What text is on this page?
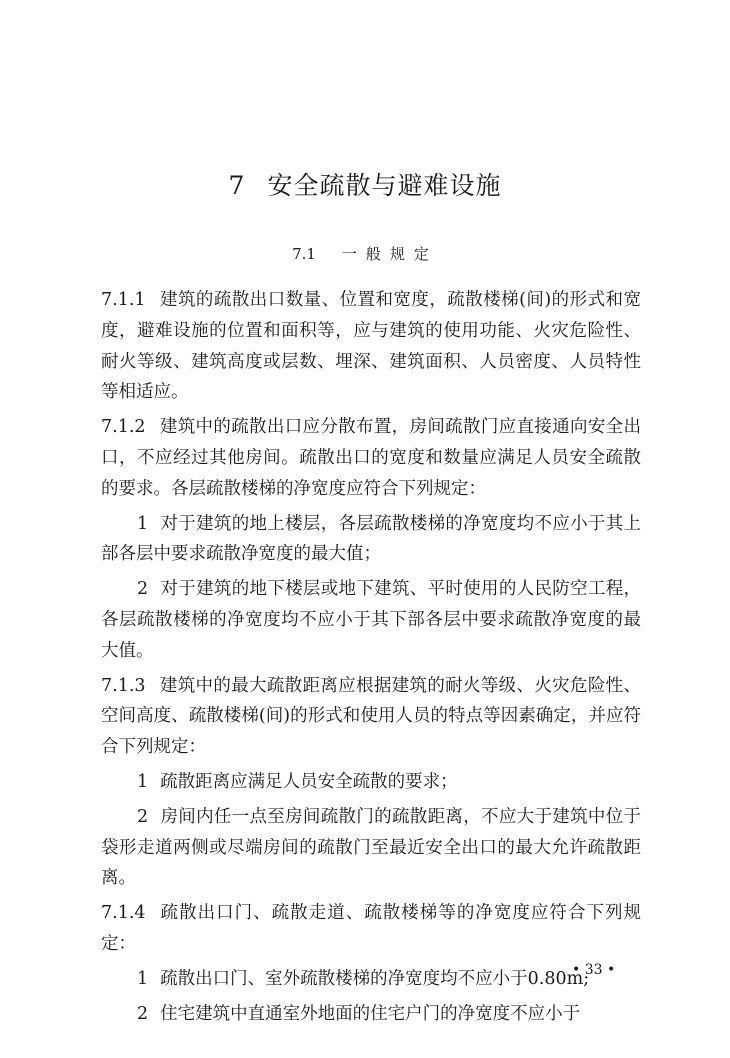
7 安全疏散与避难设施
7.1 一般规定

7.1.1 建筑的疏散出口数量、位置和宽度，疏散楼梯(间)的形式和宽度，避难设施的位置和面积等，应与建筑的使用功能、火灾危险性、耐火等级、建筑高度或层数、埋深、建筑面积、人员密度、人员特性等相适应。

7.1.2 建筑中的疏散出口应分散布置，房间疏散门应直接通向安全出口，不应经过其他房间。疏散出口的宽度和数量应满足人员安全疏散的要求。各层疏散楼梯的净宽度应符合下列规定：

1 对于建筑的地上楼层，各层疏散楼梯的净宽度均不应小于其上部各层中要求疏散净宽度的最大值；

2 对于建筑的地下楼层或地下建筑、平时使用的人民防空工程，各层疏散楼梯的净宽度均不应小于其下部各层中要求疏散净宽度的最大值。

7.1.3 建筑中的最大疏散距离应根据建筑的耐火等级、火灾危险性、空间高度、疏散楼梯(间)的形式和使用人员的特点等因素确定，并应符合下列规定：

1 疏散距离应满足人员安全疏散的要求；

2 房间内任一点至房间疏散门的疏散距离，不应大于建筑中位于袋形走道两侧或尽端房间的疏散门至最近安全出口的最大允许疏散距离。

7.1.4 疏散出口门、疏散走道、疏散楼梯等的净宽度应符合下列规定：

1 疏散出口门、室外疏散楼梯的净宽度均不应小于0.80m;

2 住宅建筑中直通室外地面的住宅户门的净宽度不应小于

• 33 •
